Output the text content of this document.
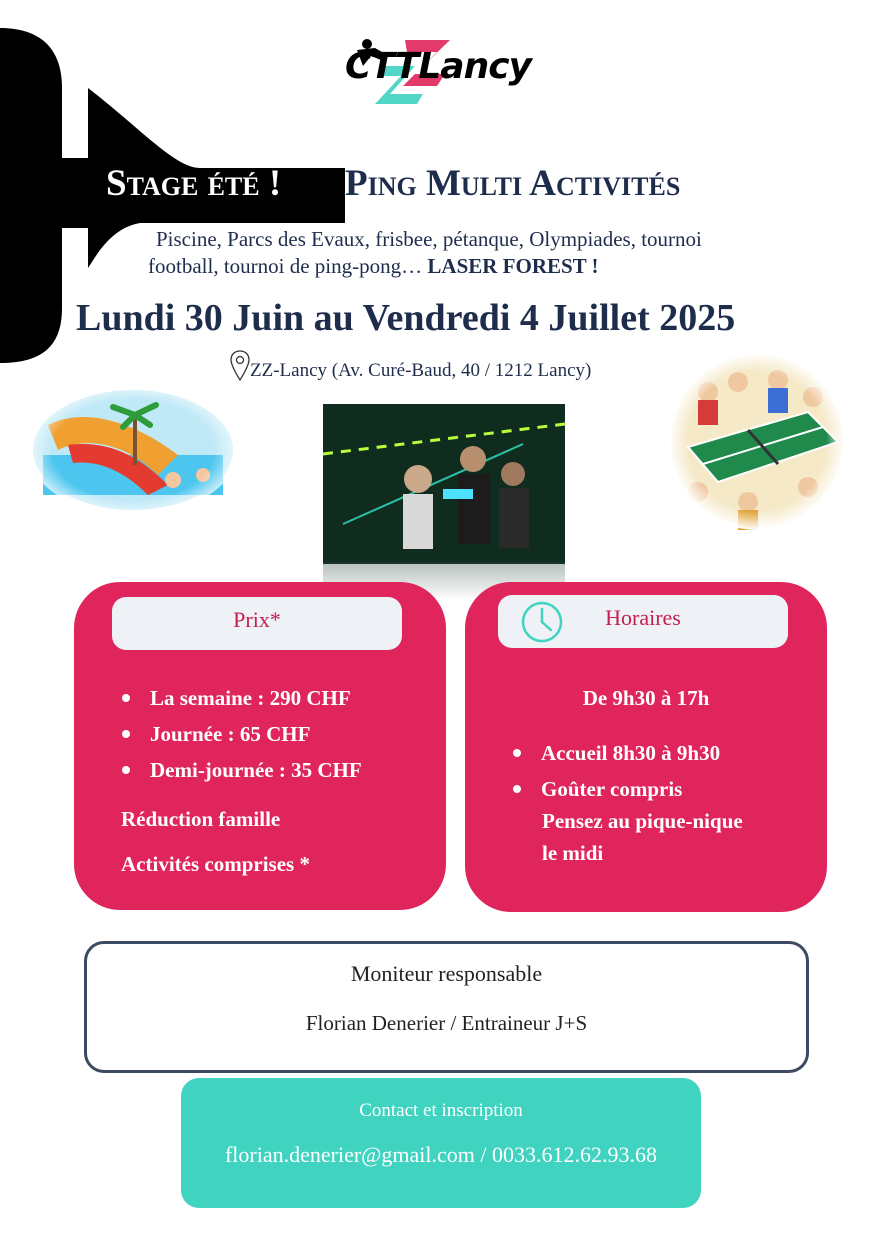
CTTLancy
Stage été ! Ping Multi Activités
Piscine, Parcs des Evaux, frisbee, pétanque, Olympiades, tournoi
football, tournoi de ping-pong… LASER FOREST !
Lundi 30 Juin au Vendredi 4 Juillet 2025
ZZ-Lancy (Av. Curé-Baud, 40 / 1212 Lancy)
Prix*
La semaine : 290 CHF
Journée : 65 CHF
Demi-journée : 35 CHF
Réduction famille
Activités comprises *
Horaires
De 9h30 à 17h
Accueil 8h30 à 9h30
Goûter compris
Pensez au pique-nique
le midi
Moniteur responsable
Florian Denerier / Entraineur J+S
Contact et inscription
florian.denerier@gmail.com / 0033.612.62.93.68
